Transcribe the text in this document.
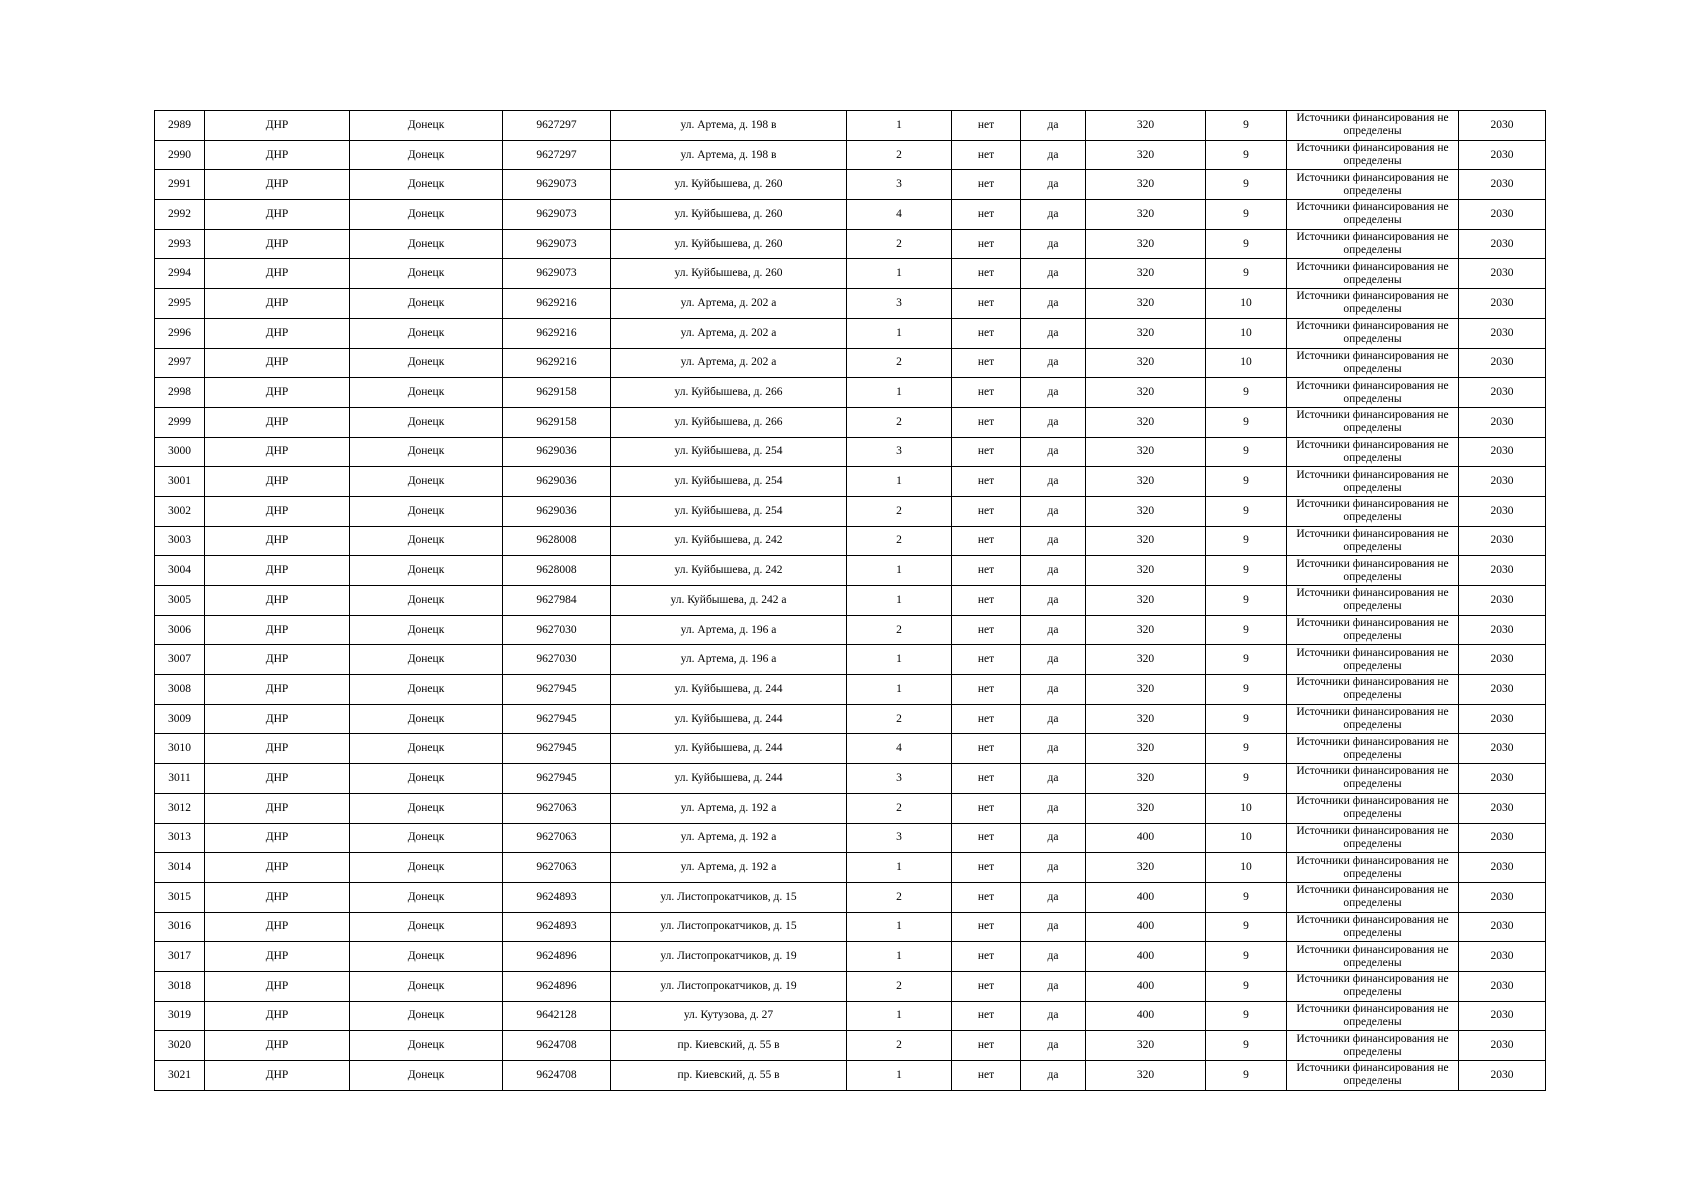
2989	ДНР	Донецк	9627297	ул. Артема, д. 198 в	1	нет	да	320	9	Источники финансирования не определены	2030
2990	ДНР	Донецк	9627297	ул. Артема, д. 198 в	2	нет	да	320	9	Источники финансирования не определены	2030
2991	ДНР	Донецк	9629073	ул. Куйбышева, д. 260	3	нет	да	320	9	Источники финансирования не определены	2030
2992	ДНР	Донецк	9629073	ул. Куйбышева, д. 260	4	нет	да	320	9	Источники финансирования не определены	2030
2993	ДНР	Донецк	9629073	ул. Куйбышева, д. 260	2	нет	да	320	9	Источники финансирования не определены	2030
2994	ДНР	Донецк	9629073	ул. Куйбышева, д. 260	1	нет	да	320	9	Источники финансирования не определены	2030
2995	ДНР	Донецк	9629216	ул. Артема, д. 202 а	3	нет	да	320	10	Источники финансирования не определены	2030
2996	ДНР	Донецк	9629216	ул. Артема, д. 202 а	1	нет	да	320	10	Источники финансирования не определены	2030
2997	ДНР	Донецк	9629216	ул. Артема, д. 202 а	2	нет	да	320	10	Источники финансирования не определены	2030
2998	ДНР	Донецк	9629158	ул. Куйбышева, д. 266	1	нет	да	320	9	Источники финансирования не определены	2030
2999	ДНР	Донецк	9629158	ул. Куйбышева, д. 266	2	нет	да	320	9	Источники финансирования не определены	2030
3000	ДНР	Донецк	9629036	ул. Куйбышева, д. 254	3	нет	да	320	9	Источники финансирования не определены	2030
3001	ДНР	Донецк	9629036	ул. Куйбышева, д. 254	1	нет	да	320	9	Источники финансирования не определены	2030
3002	ДНР	Донецк	9629036	ул. Куйбышева, д. 254	2	нет	да	320	9	Источники финансирования не определены	2030
3003	ДНР	Донецк	9628008	ул. Куйбышева, д. 242	2	нет	да	320	9	Источники финансирования не определены	2030
3004	ДНР	Донецк	9628008	ул. Куйбышева, д. 242	1	нет	да	320	9	Источники финансирования не определены	2030
3005	ДНР	Донецк	9627984	ул. Куйбышева, д. 242 а	1	нет	да	320	9	Источники финансирования не определены	2030
3006	ДНР	Донецк	9627030	ул. Артема, д. 196 а	2	нет	да	320	9	Источники финансирования не определены	2030
3007	ДНР	Донецк	9627030	ул. Артема, д. 196 а	1	нет	да	320	9	Источники финансирования не определены	2030
3008	ДНР	Донецк	9627945	ул. Куйбышева, д. 244	1	нет	да	320	9	Источники финансирования не определены	2030
3009	ДНР	Донецк	9627945	ул. Куйбышева, д. 244	2	нет	да	320	9	Источники финансирования не определены	2030
3010	ДНР	Донецк	9627945	ул. Куйбышева, д. 244	4	нет	да	320	9	Источники финансирования не определены	2030
3011	ДНР	Донецк	9627945	ул. Куйбышева, д. 244	3	нет	да	320	9	Источники финансирования не определены	2030
3012	ДНР	Донецк	9627063	ул. Артема, д. 192 а	2	нет	да	320	10	Источники финансирования не определены	2030
3013	ДНР	Донецк	9627063	ул. Артема, д. 192 а	3	нет	да	400	10	Источники финансирования не определены	2030
3014	ДНР	Донецк	9627063	ул. Артема, д. 192 а	1	нет	да	320	10	Источники финансирования не определены	2030
3015	ДНР	Донецк	9624893	ул. Листопрокатчиков, д. 15	2	нет	да	400	9	Источники финансирования не определены	2030
3016	ДНР	Донецк	9624893	ул. Листопрокатчиков, д. 15	1	нет	да	400	9	Источники финансирования не определены	2030
3017	ДНР	Донецк	9624896	ул. Листопрокатчиков, д. 19	1	нет	да	400	9	Источники финансирования не определены	2030
3018	ДНР	Донецк	9624896	ул. Листопрокатчиков, д. 19	2	нет	да	400	9	Источники финансирования не определены	2030
3019	ДНР	Донецк	9642128	ул. Кутузова, д. 27	1	нет	да	400	9	Источники финансирования не определены	2030
3020	ДНР	Донецк	9624708	пр. Киевский, д. 55 в	2	нет	да	320	9	Источники финансирования не определены	2030
3021	ДНР	Донецк	9624708	пр. Киевский, д. 55 в	1	нет	да	320	9	Источники финансирования не определены	2030
